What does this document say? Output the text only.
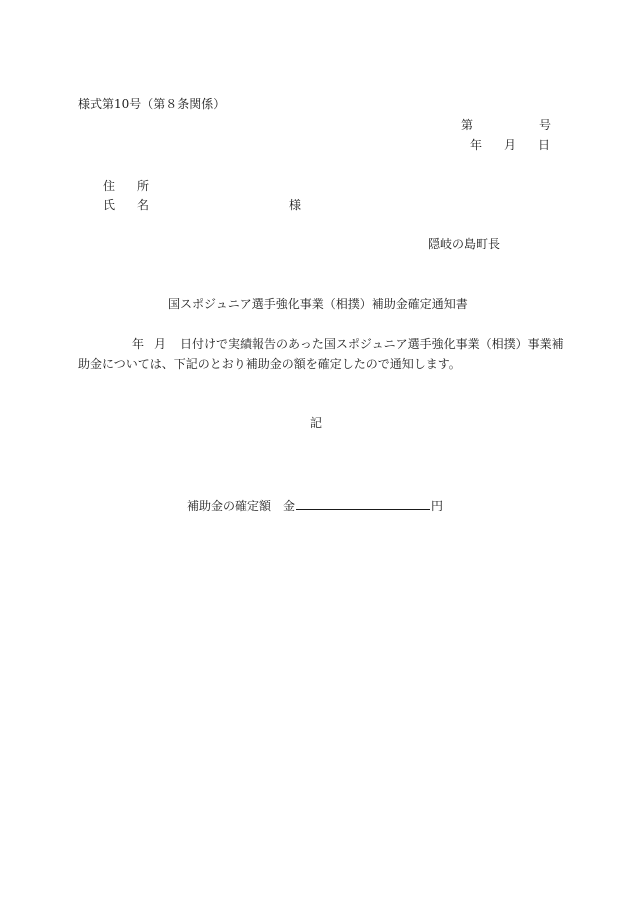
様式第10号（第８条関係）
第	号
年 月 日
住 所
氏 名	様
隠岐の島町長
国スポジュニア選手強化事業（相撲）補助金確定通知書
年 月 日付けで実績報告のあった国スポジュニア選手強化事業（相撲）事業補
助金については、下記のとおり補助金の額を確定したので通知します。
記
補助金の確定額 金	円
